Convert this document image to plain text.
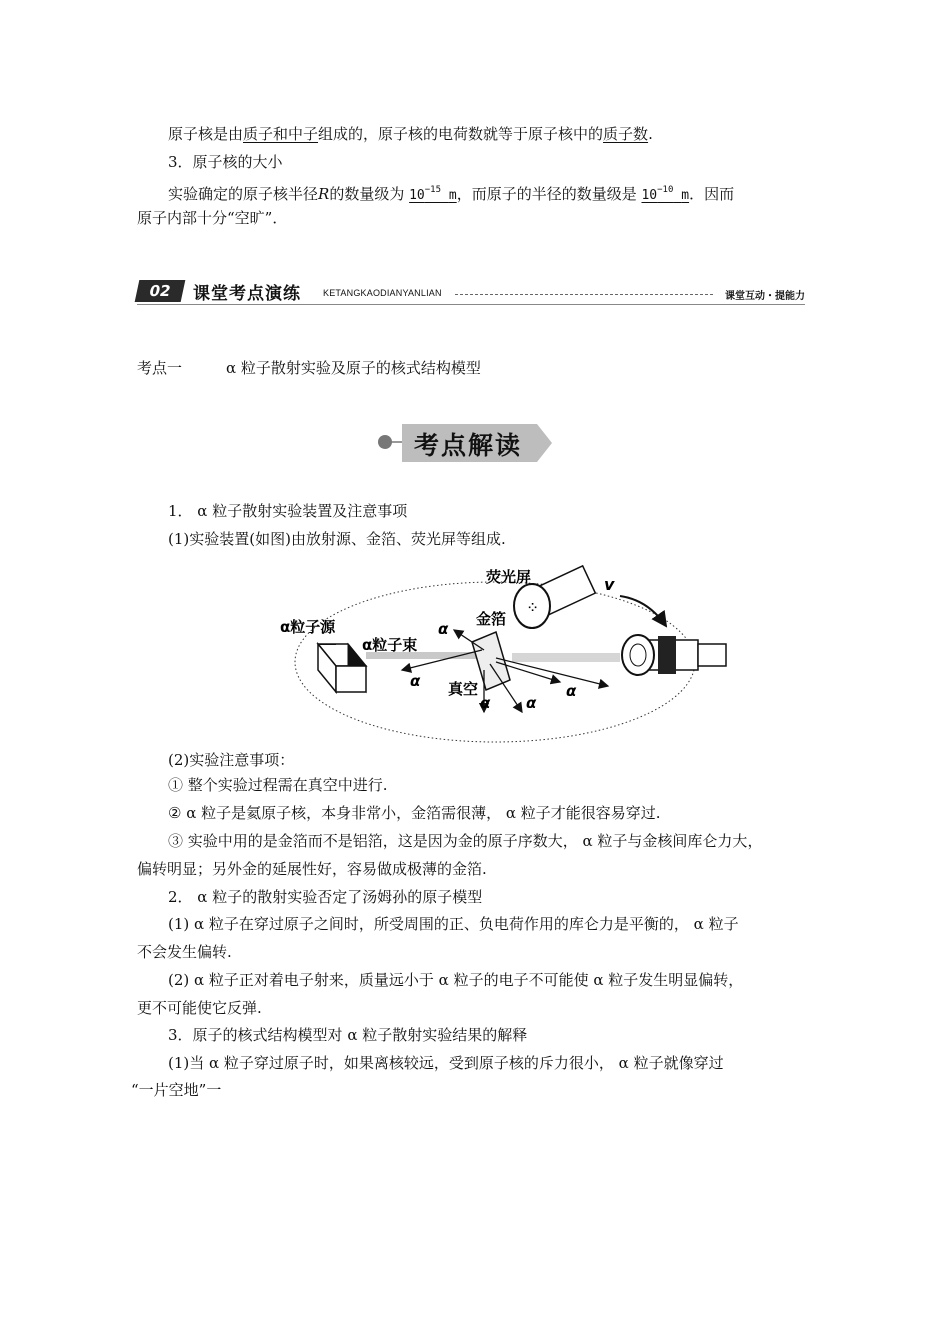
原子核是由质子和中子组成的，原子核的电荷数就等于原子核中的质子数.
3．原子核的大小
实验确定的原子核半径R的数量级为 $10^{-15}$ m，而原子的半径的数量级是 $10^{-10}$ m．因而
原子内部十分“空旷”．
02	课堂考点演练 KETANGKAODIANYANLIAN	课堂互动・提能力
考点一	α 粒子散射实验及原子的核式结构模型
考点解读
1． α 粒子散射实验装置及注意事项
(1)实验装置(如图)由放射源、金箔、荧光屏等组成.
⁘
α粒子源
α粒子束
金箔
荧光屏
真空
v
α
α
α α
α
(2)实验注意事项：
① 整个实验过程需在真空中进行.
② α 粒子是氦原子核，本身非常小，金箔需很薄， α 粒子才能很容易穿过.
③ 实验中用的是金箔而不是铝箔，这是因为金的原子序数大， α 粒子与金核间库仑力大，
偏转明显；另外金的延展性好，容易做成极薄的金箔.
2． α 粒子的散射实验否定了汤姆孙的原子模型
(1) α 粒子在穿过原子之间时，所受周围的正、负电荷作用的库仑力是平衡的， α 粒子
不会发生偏转.
(2) α 粒子正对着电子射来，质量远小于 α 粒子的电子不可能使 α 粒子发生明显偏转，
更不可能使它反弹.
3．原子的核式结构模型对 α 粒子散射实验结果的解释
(1)当 α 粒子穿过原子时，如果离核较远，受到原子核的斥力很小， α 粒子就像穿过
“一片空地”一
